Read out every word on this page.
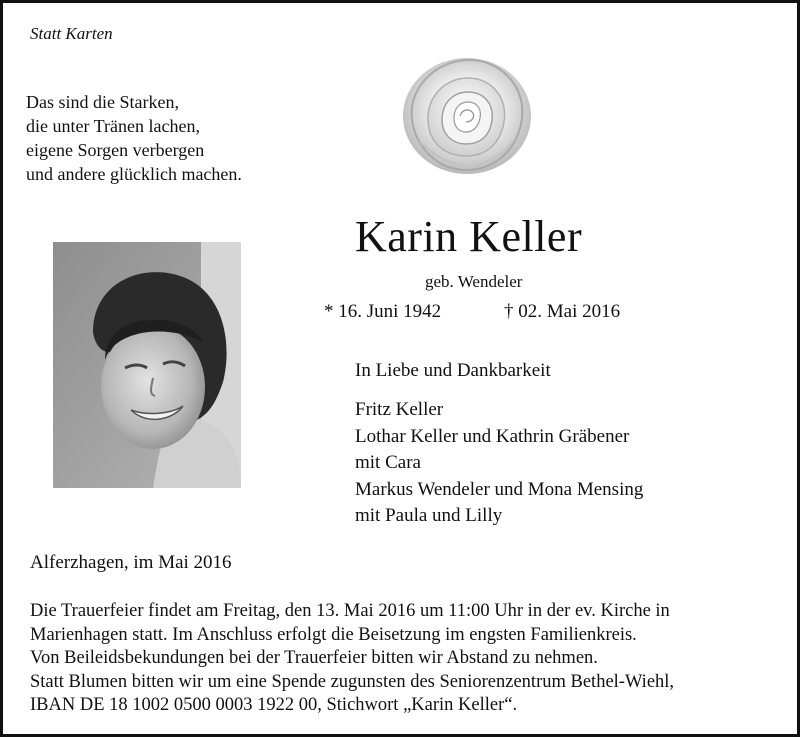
Statt Karten
Das sind die Starken,
die unter Tränen lachen,
eigene Sorgen verbergen
und andere glücklich machen.
Karin Keller
geb. Wendeler
* 16. Juni 1942	† 02. Mai 2016
In Liebe und Dankbarkeit
Fritz Keller
Lothar Keller und Kathrin Gräbener
mit Cara
Markus Wendeler und Mona Mensing
mit Paula und Lilly
Alferzhagen, im Mai 2016
Die Trauerfeier findet am Freitag, den 13. Mai 2016 um 11:00 Uhr in der ev. Kirche in
Marienhagen statt. Im Anschluss erfolgt die Beisetzung im engsten Familienkreis.
Von Beileidsbekundungen bei der Trauerfeier bitten wir Abstand zu nehmen.
Statt Blumen bitten wir um eine Spende zugunsten des Seniorenzentrum Bethel-Wiehl,
IBAN DE 18 1002 0500 0003 1922 00, Stichwort „Karin Keller“.
